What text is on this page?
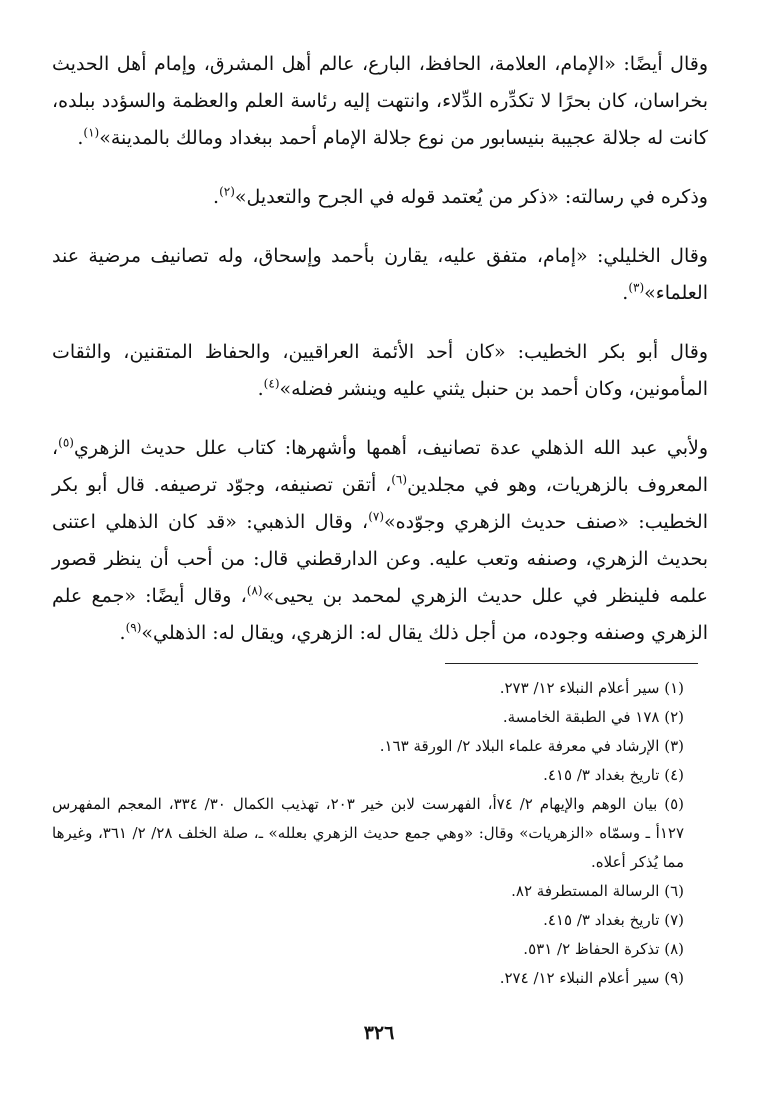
وقال أيضًا: «الإمام، العلامة، الحافظ، البارع، عالم أهل المشرق، وإمام أهل الحديث بخراسان، كان بحرًا لا تكدِّره الدِّلاء، وانتهت إليه رئاسة العلم والعظمة والسؤدد ببلده، كانت له جلالة عجيبة بنيسابور من نوع جلالة الإمام أحمد ببغداد ومالك بالمدينة»$^{(١)}$.

وذكره في رسالته: «ذكر من يُعتمد قوله في الجرح والتعديل»$^{(٢)}$.

وقال الخليلي: «إمام، متفق عليه، يقارن بأحمد وإسحاق، وله تصانيف مرضية عند العلماء»$^{(٣)}$.

وقال أبو بكر الخطيب: «كان أحد الأئمة العراقيين، والحفاظ المتقنين، والثقات المأمونين، وكان أحمد بن حنبل يثني عليه وينشر فضله»$^{(٤)}$.

ولأبي عبد الله الذهلي عدة تصانيف، أهمها وأشهرها: كتاب علل حديث الزهري$^{(٥)}$، المعروف بالزهريات، وهو في مجلدين$^{(٦)}$، أتقن تصنيفه، وجوّد ترصيفه. قال أبو بكر الخطيب: «صنف حديث الزهري وجوّده»$^{(٧)}$، وقال الذهبي: «قد كان الذهلي اعتنى بحديث الزهري، وصنفه وتعب عليه. وعن الدارقطني قال: من أحب أن ينظر قصور علمه فلينظر في علل حديث الزهري لمحمد بن يحيى»$^{(٨)}$، وقال أيضًا: «جمع علم الزهري وصنفه وجوده، من أجل ذلك يقال له: الزهري، ويقال له: الذهلي»$^{(٩)}$.

(١) سير أعلام النبلاء ١٢/ ٢٧٣.

(٢) ١٧٨ في الطبقة الخامسة.

(٣) الإرشاد في معرفة علماء البلاد ٢/ الورقة ١٦٣.

(٤) تاريخ بغداد ٣/ ٤١٥.

(٥) بيان الوهم والإيهام ٢/ ٧٤أ، الفهرست لابن خير ٢٠٣، تهذيب الكمال ٣٠/ ٣٣٤، المعجم المفهرس ١٢٧أ ـ وسمّاه «الزهريات» وقال: «وهي جمع حديث الزهري بعلله» ـ، صلة الخلف ٢٨/ ٢/ ٣٦١، وغيرها مما يُذكر أعلاه.

(٦) الرسالة المستطرفة ٨٢.

(٧) تاريخ بغداد ٣/ ٤١٥.

(٨) تذكرة الحفاظ ٢/ ٥٣١.

(٩) سير أعلام النبلاء ١٢/ ٢٧٤.

٣٢٦
